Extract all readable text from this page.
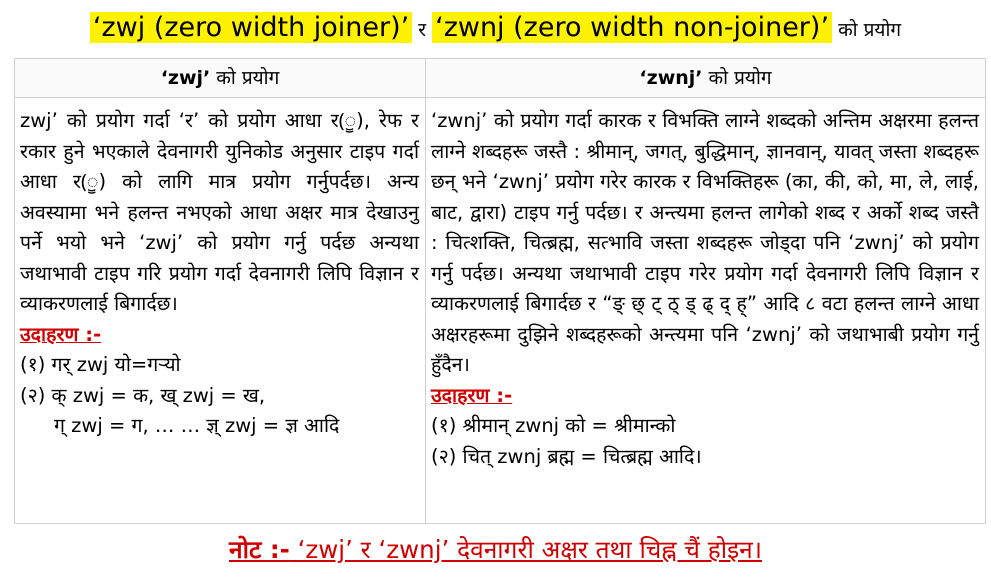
‘zwj (zero width joiner)’ र ‘zwnj (zero width non-joiner)’ को प्रयोग
‘zwj’ को प्रयोग	‘zwnj’ को प्रयोग

zwj’ को प्रयोग गर्दा ‘र’ को प्रयोग आधा र(ॗ), रेफ र रकार हुने भएकाले देवनागरी युनिकोड अनुसार टाइप गर्दा आधा र(ॗ) को लागि मात्र प्रयोग गर्नुपर्दछ। अन्य अवस्यामा भने हलन्त नभएको आधा अक्षर मात्र देखाउनु पर्ने भयो भने ‘zwj’ को प्रयोग गर्नु पर्दछ अन्यथा जथाभावी टाइप गरि प्रयोग गर्दा देवनागरी लिपि विज्ञान र व्याकरणलाई बिगार्दछ।

उदाहरण :-

(१) गर् zwj यो=गऱ्यो

(२) क् zwj = क, ख् zwj = ख,

ग् zwj = ग, … … ज्ञ् zwj = ज्ञ आदि

‘zwnj’ को प्रयोग गर्दा कारक र विभक्ति लाग्ने शब्दको अन्तिम अक्षरमा हलन्त लाग्ने शब्दहरू जस्तै : श्रीमान्, जगत्, बुद्धिमान्, ज्ञानवान्, यावत् जस्ता शब्दहरू छन् भने ‘zwnj’ प्रयोग गरेर कारक र विभक्तिहरू (का, की, को, मा, ले, लाई, बाट, द्वारा) टाइप गर्नु पर्दछ। र अन्त्यमा हलन्त लागेको शब्द र अर्को शब्द जस्तै : चित्शक्ति, चित्ब्रह्म, सत्भावि जस्ता शब्दहरू जोड्दा पनि ‘zwnj’ को प्रयोग गर्नु पर्दछ। अन्यथा जथाभावी टाइप गरेर प्रयोग गर्दा देवनागरी लिपि विज्ञान र व्याकरणलाई बिगार्दछ र “ङ् छ् ट् ठ् ड् ढ् द् ह्” आदि ८ वटा हलन्त लाग्ने आधा अक्षरहरूमा दुझिने शब्दहरूको अन्त्यमा पनि ‘zwnj’ को जथाभाबी प्रयोग गर्नु हुँदैन।

उदाहरण :-

(१) श्रीमान् zwnj को = श्रीमान्को

(२) चित् zwnj ब्रह्म = चित्ब्रह्म आदि।

नोट :- ‘zwj’ र ‘zwnj’ देवनागरी अक्षर तथा चिह्न चैं होइन।
